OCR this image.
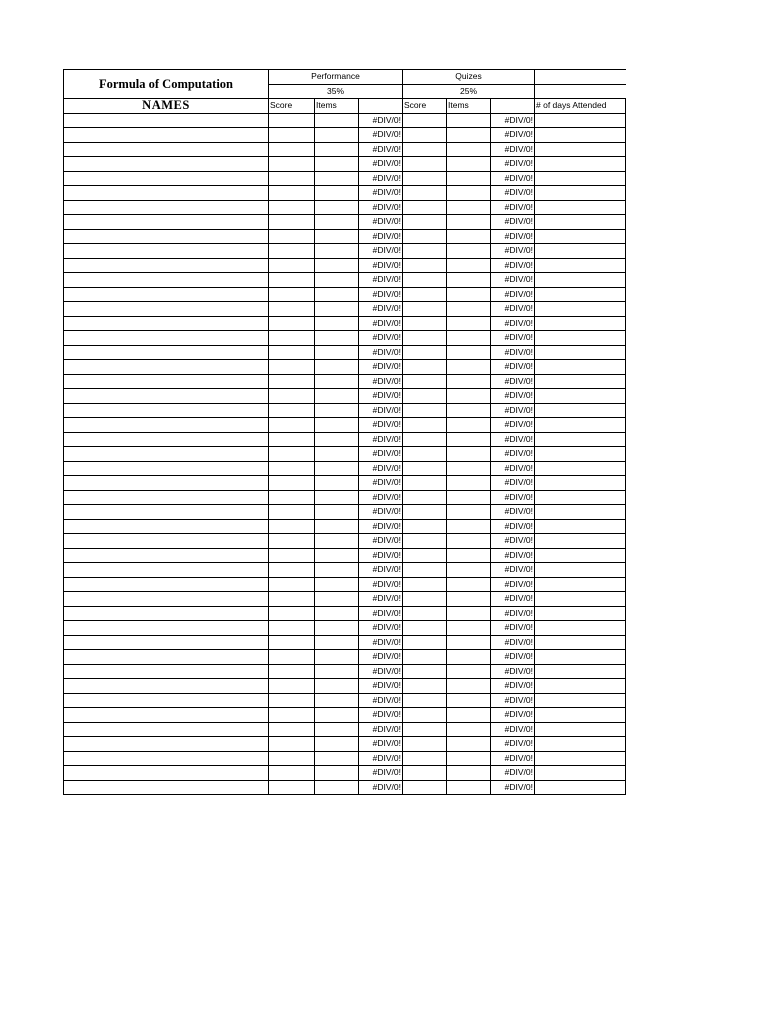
Formula of Computation	Performance			Quizes			
	35%			25%			
NAMES	Score	Items		Score	Items		# of days Attended
			#DIV/0!			#DIV/0!	
			#DIV/0!			#DIV/0!	
			#DIV/0!			#DIV/0!	
			#DIV/0!			#DIV/0!	
			#DIV/0!			#DIV/0!	
			#DIV/0!			#DIV/0!	
			#DIV/0!			#DIV/0!	
			#DIV/0!			#DIV/0!	
			#DIV/0!			#DIV/0!	
			#DIV/0!			#DIV/0!	
			#DIV/0!			#DIV/0!	
			#DIV/0!			#DIV/0!	
			#DIV/0!			#DIV/0!	
			#DIV/0!			#DIV/0!	
			#DIV/0!			#DIV/0!	
			#DIV/0!			#DIV/0!	
			#DIV/0!			#DIV/0!	
			#DIV/0!			#DIV/0!	
			#DIV/0!			#DIV/0!	
			#DIV/0!			#DIV/0!	
			#DIV/0!			#DIV/0!	
			#DIV/0!			#DIV/0!	
			#DIV/0!			#DIV/0!	
			#DIV/0!			#DIV/0!	
			#DIV/0!			#DIV/0!	
			#DIV/0!			#DIV/0!	
			#DIV/0!			#DIV/0!	
			#DIV/0!			#DIV/0!	
			#DIV/0!			#DIV/0!	
			#DIV/0!			#DIV/0!	
			#DIV/0!			#DIV/0!	
			#DIV/0!			#DIV/0!	
			#DIV/0!			#DIV/0!	
			#DIV/0!			#DIV/0!	
			#DIV/0!			#DIV/0!	
			#DIV/0!			#DIV/0!	
			#DIV/0!			#DIV/0!	
			#DIV/0!			#DIV/0!	
			#DIV/0!			#DIV/0!	
			#DIV/0!			#DIV/0!	
			#DIV/0!			#DIV/0!	
			#DIV/0!			#DIV/0!	
			#DIV/0!			#DIV/0!	
			#DIV/0!			#DIV/0!	
			#DIV/0!			#DIV/0!	
			#DIV/0!			#DIV/0!	
			#DIV/0!			#DIV/0!	
